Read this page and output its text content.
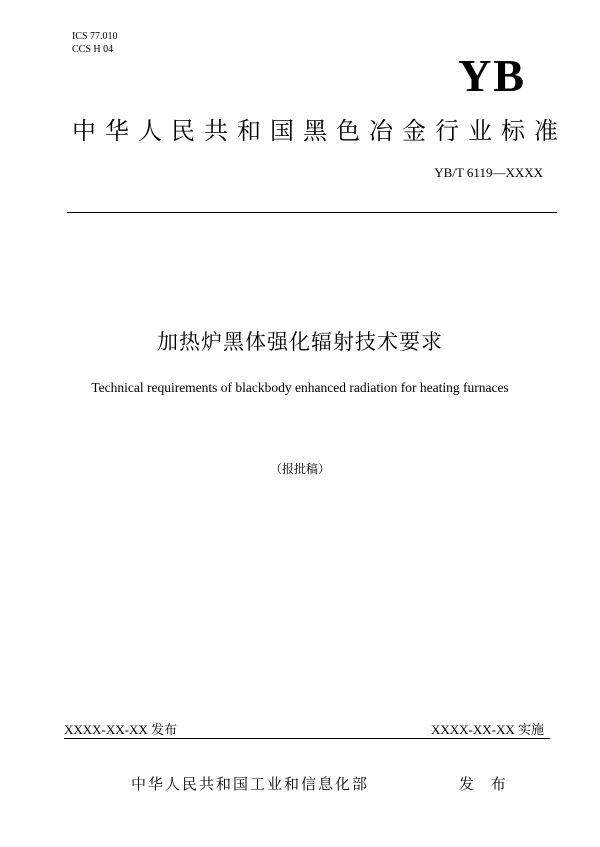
ICS 77.010
CCS H 04
YB
中华人民共和国黑色冶金行业标准
YB/T 6119—XXXX
加热炉黑体强化辐射技术要求
Technical requirements of blackbody enhanced radiation for heating furnaces
（报批稿）
XXXX-XX-XX 发布	XXXX-XX-XX 实施
中华人民共和国工业和信息化部	发 布
